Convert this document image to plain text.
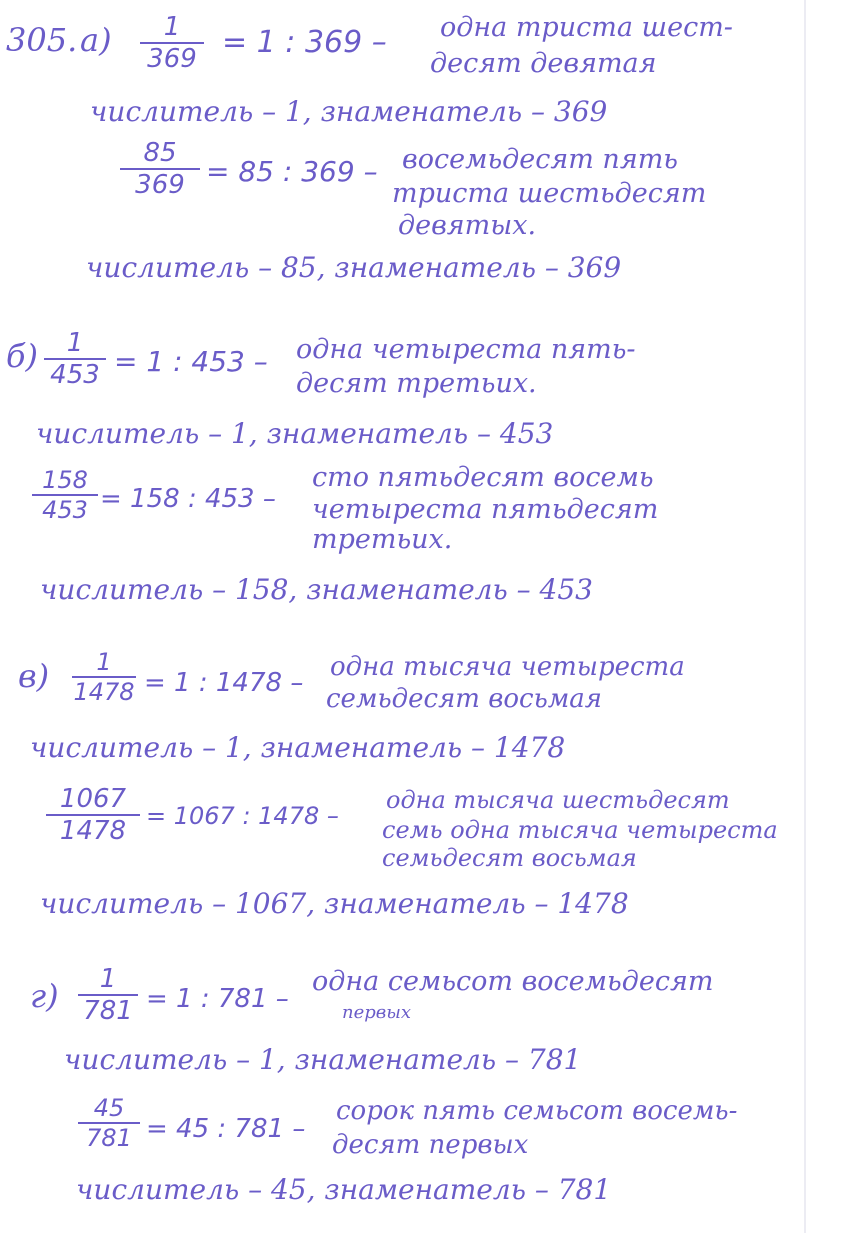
305. $а) \frac{1}{369} = 1$ : 369 – одна триста шест-
десят девятая
числитель – 1, знаменатель – 369
$\frac{85}{369} = 85$ : 369 – восемьдесят пять
триста шестьдесят
девятых.
числитель – 85, знаменатель – 369
$б) \frac{1}{453} = 1$ : 453 – одна четыреста пять-
десят третьих.
числитель – 1, знаменатель – 453
$\frac{158}{453} = 158$ : 453 –
сто пятьдесят восемь
четыреста пятьдесят
третьих.
числитель – 158, знаменатель – 453
$в) \frac{1}{1478} = 1$ : 1478 –
одна тысяча четыреста
семьдесят восьмая
числитель – 1, знаменатель – 1478
$\frac{1067}{1478} = 1067$ : 1478 –
одна тысяча шестьдесят
семь одна тысяча четыреста
семьдесят восьмая
числитель – 1067, знаменатель – 1478
$г) \frac{1}{781} = 1$ : 781 –
одна семьсот восемьдесят
первых
числитель – 1, знаменатель – 781
$\frac{45}{781} = 45$ : 781 –
сорок пять семьсот восемь-
десят первых
числитель – 45, знаменатель – 781
